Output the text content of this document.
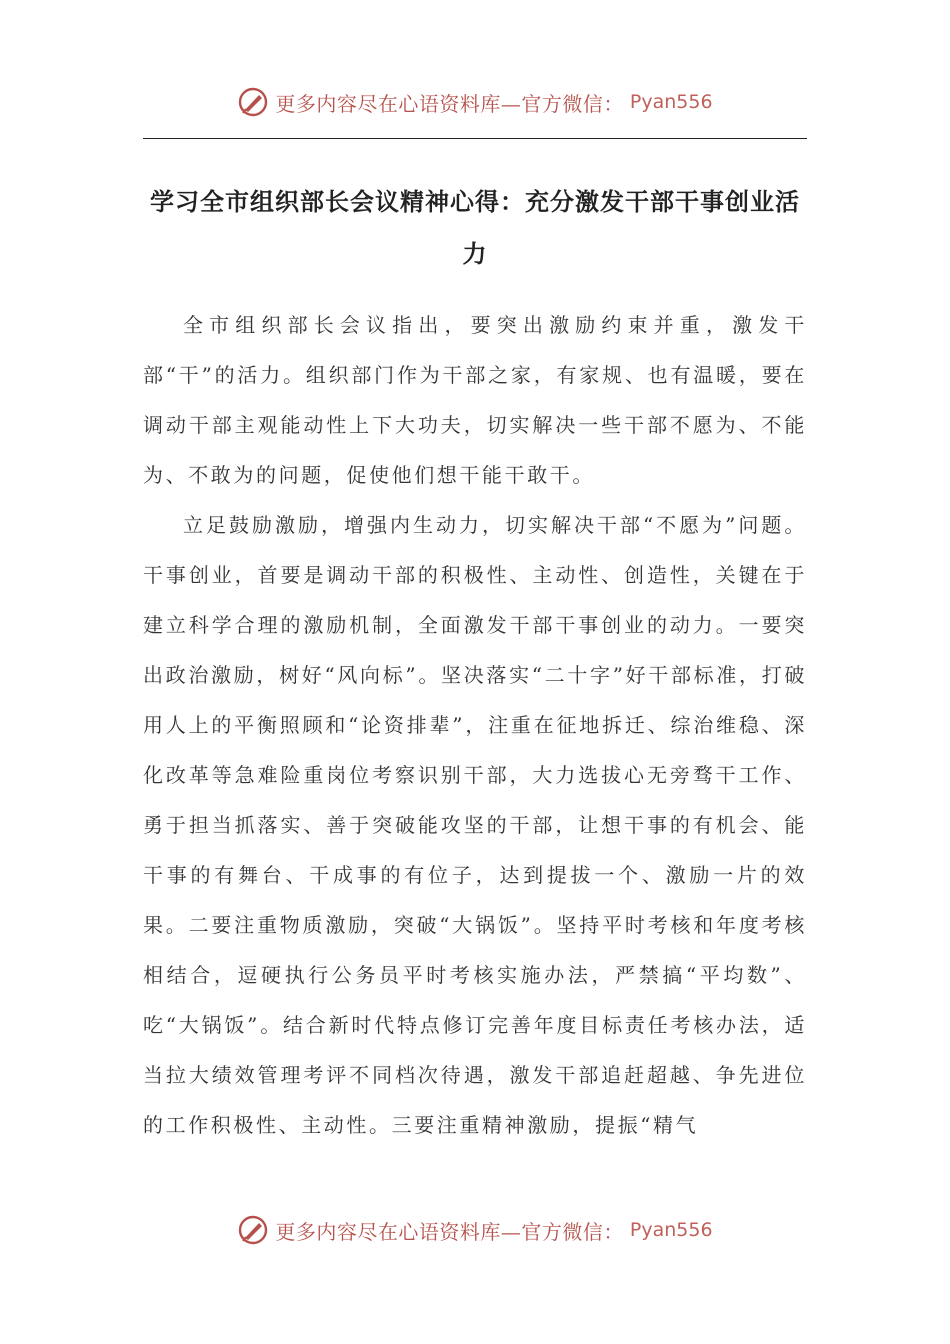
更多内容尽在心语资料库—官方微信： Pyan556
学习全市组织部长会议精神心得：充分激发干部干事创业活力

全市组织部长会议指出，要突出激励约束并重，激发干部“干”的活力。组织部门作为干部之家，有家规、也有温暖，要在调动干部主观能动性上下大功夫，切实解决一些干部不愿为、不能为、不敢为的问题，促使他们想干能干敢干。

立足鼓励激励，增强内生动力，切实解决干部“不愿为”问题。干事创业，首要是调动干部的积极性、主动性、创造性，关键在于建立科学合理的激励机制，全面激发干部干事创业的动力。一要突出政治激励，树好“风向标”。坚决落实“二十字”好干部标准，打破用人上的平衡照顾和“论资排辈”，注重在征地拆迁、综治维稳、深化改革等急难险重岗位考察识别干部，大力选拔心无旁骛干工作、勇于担当抓落实、善于突破能攻坚的干部，让想干事的有机会、能干事的有舞台、干成事的有位子，达到提拔一个、激励一片的效果。二要注重物质激励，突破“大锅饭”。坚持平时考核和年度考核相结合，逗硬执行公务员平时考核实施办法，严禁搞“平均数”、吃“大锅饭”。结合新时代特点修订完善年度目标责任考核办法，适当拉大绩效管理考评不同档次待遇，激发干部追赶超越、争先进位的工作积极性、主动性。三要注重精神激励，提振“精气

更多内容尽在心语资料库—官方微信： Pyan556
